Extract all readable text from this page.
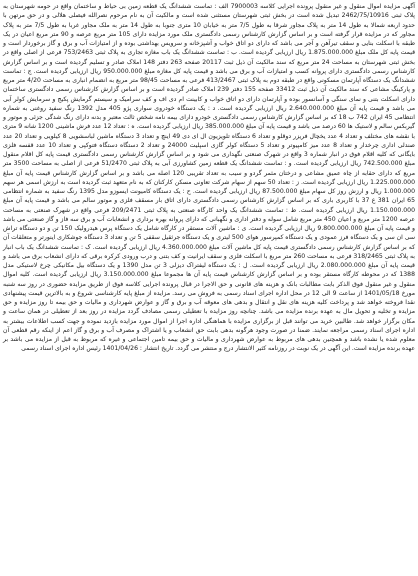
آگهی مزایده اموال منقول و غیر منقول پرونده اجرایی کلاسه 7900003 الف : تماست ششدانگ یک قطعه زمین بی حیاط و ساختمان واقع در حومه شهرستان به پلاک ثبتی 2462/75/10916 تبدیل شده است در بخش ثبتی شهرستان مستثنی شده است و مالکیت آن به نام مرحوم نصرالله فیصلی هلالی و در حق مرتهن با حدود اربعه شمالا به طول 14 متر به پلاک مجاور شرقا به طول 7/5 متر به خیابان 10 متری جنوبا به طول 14 متر به ملک مجاور غربا به طول 7/5 متر به پلاک مجاور که در مزایده قرار گرفته است و بر اساس گزارش کارشناس رسمی دادگستری ملک مورد مزایده دارای 105 متر مربع عرصه و 90 متر مربع اعیان در یک طبقه با اسکلت بنایی و سقف تیرآهن و آجر می باشد که دارای دو اتاق خواب و آشپزخانه و سرویس بهداشتی بوده و از امتیازات آب و برق و گاز برخوردار است و قیمت پایه کل ملک مبلغ 1.875.000.000 ریال ارزیابی گردیده است. ب : تماست ششدانگ یک باب مغازه تجاری به پلاک ثبتی 753/2463 فرعی از اصلی واقع در بخش ثبتی شهرستان به مساحت 24 متر مربع که سند مالکیت آن ذیل ثبت 20117 صفحه 263 دفتر 148 املاک صادر و تسلیم گردیده است و بر اساس گزارش کارشناس رسمی دادگستری دارای پروانه کسب و امتیازات آب و برق می باشد و قیمت پایه کل مغازه مبلغ 950.000.000 ریال ارزیابی گردیده است. ج : تماست ششدانگ یک دستگاه آپارتمان مسکونی واقع در طبقه دوم به پلاک ثبتی 413/2467 فرعی به مساحت 98/45 متر مربع به انضمام انباری به مساحت 4/20 متر مربع و پارکینگ مشاعی که سند مالکیت آن ذیل ثبت 33412 صفحه 155 دفتر 239 املاک صادر گردیده است و بر اساس گزارش کارشناس رسمی دادگستری ساختمان دارای اسکلت بتنی و نمای سنگی و آسانسور بوده و آپارتمان دارای دو اتاق خواب و کابینت ام دی اف و کف سرامیک و سیستم گرمایش پکیج و سرمایش کولر آبی می باشد و قیمت پایه آن مبلغ 2.640.000.000 ریال ارزیابی گردیده است. د : یک دستگاه خودروی سواری پژو 405 مدل 1392 رنگ سفید روغنی به شماره انتظامی 45 ایران 742 ب 18 که بر اساس گزارش کارشناس رسمی دادگستری خودرو دارای بیمه نامه شخص ثالث معتبر و بدنه دارای رنگ شدگی جزئی و موتور و گیربکس سالم و لاستیک ها 60 درصد می باشد و قیمت پایه آن مبلغ 385.000.000 ریال ارزیابی گردیده است. ه : تعداد 12 عدد فرش ماشینی 1200 شانه 9 متری با نقشه های مختلف و تعداد 4 عدد یخچال فریزر دوقلو و تعداد 6 دستگاه تلویزیون ال ای دی 49 اینچ و تعداد 3 دستگاه ماشین لباسشویی 8 کیلویی و تعداد 20 عدد صندلی اداری چرخدار و تعداد 8 عدد میز کامپیوتر و تعداد 5 دستگاه کولر گازی اسپلیت 24000 و تعداد 2 دستگاه دستگاه فتوکپی و تعداد 10 عدد قفسه فلزی بایگانی که کلیه اقلام فوق در انبار شماره 3 واقع در شهرک صنعتی نگهداری می شود و بر اساس گزارش کارشناس رسمی دادگستری قیمت پایه کل اقلام منقول مبلغ 742.500.000 ریال ارزیابی گردیده است. و : تماست ششدانگ یک قطعه زمین کشاورزی آبی به پلاک ثبتی 51/2470 فرعی از اصلی به مساحت 3500 متر مربع که دارای حقابه از چاه عمیق مشاعی و درختان مثمر گردو و سیب به تعداد تقریبی 120 اصله می باشد و بر اساس گزارش کارشناس قیمت پایه آن مبلغ 1.225.000.000 ریال ارزیابی گردیده است. ز : تعداد 50 سهم از سهام شرکت تعاونی مسکن کارکنان که به نام متعهد ثبت گردیده است به ارزش اسمی هر سهم 1.000.000 ریال و ارزش روز کل سهام مبلغ 87.500.000 ریال ارزیابی گردیده است. ح : یک دستگاه کامیونت ایسوزو مدل 1395 رنگ سفید به شماره انتظامی 65 ایران 381 ع 37 با کاربری باری که بر اساس گزارش کارشناس رسمی دادگستری دارای اتاق بار مسقف فلزی و موتور سالم می باشد و قیمت پایه آن مبلغ 1.150.000.000 ریال ارزیابی گردیده است. ط : تماست ششدانگ یک واحد کارگاه صنعتی به پلاک ثبتی 209/2471 فرعی واقع در شهرک صنعتی به مساحت عرصه 1200 متر مربع و اعیان 450 متر مربع شامل سوله و دفتر اداری و نگهبانی که دارای پروانه بهره برداری و انشعابات آب و برق سه فاز و گاز صنعتی می باشد و قیمت پایه آن مبلغ 9.800.000.000 ریال ارزیابی گردیده است. ی : ماشین آلات مستقر در کارگاه شامل یک دستگاه پرس هیدرولیک 150 تن و دو دستگاه تراش سی ان سی و یک دستگاه فرز عمودی و یک دستگاه کمپرسور هوای 500 لیتری و یک دستگاه جرثقیل سقفی 5 تن و تعداد 3 دستگاه جوشکاری اینورتر و متعلقات آن که بر اساس گزارش کارشناس رسمی دادگستری قیمت پایه کل ماشین آلات مبلغ 4.360.000.000 ریال ارزیابی گردیده است. ک : تماست ششدانگ یک باب انبار به پلاک ثبتی 318/2465 فرعی به مساحت 260 متر مربع با اسکلت فلزی و سقف ایرانیت و کف بتنی و درب ورودی کرکره برقی که دارای انشعاب برق می باشد و قیمت پایه آن مبلغ 2.080.000.000 ریال ارزیابی گردیده است. ل : یک دستگاه لیفتراک دیزلی 3 تن مدل 1390 و یک دستگاه بیل مکانیکی چرخ لاستیکی مدل 1388 که در محوطه کارگاه مستقر بوده و بر اساس گزارش کارشناس قیمت پایه آن ها مجموعا مبلغ 3.150.000.000 ریال ارزیابی گردیده است. کلیه اموال منقول و غیر منقول فوق الذکر بابت مطالبات بانک و هزینه های قانونی و حق الاجرا در قبال پرونده اجرایی کلاسه فوق از طریق مزایده حضوری در روز سه شنبه مورخ 1401/05/18 از ساعت 9 الی 12 در محل اداره اجرای اسناد رسمی به فروش می رسد. مزایده از مبلغ پایه کارشناسی شروع و به بالاترین قیمت پیشنهادی نقدا فروخته خواهد شد و پرداخت کلیه هزینه های نقل و انتقال و بدهی های معوقه آب و برق و گاز و عوارض شهرداری و مالیات و حق بیمه تا روز مزایده و حق مزایده و تخلیه و تحویل مال به عهده برنده مزایده می باشد. چنانچه روز مزایده با تعطیلی رسمی مصادف گردد مزایده در روز بعد از تعطیلی در همان ساعت و مکان برگزار خواهد شد. طالبین خرید می توانند قبل از برگزاری مزایده با هماهنگی اداره اجرا از اموال مورد مزایده بازدید نموده و جهت کسب اطلاعات بیشتر به اداره اجرای اسناد رسمی مراجعه نمایند. ضمنا در صورت وجود هرگونه بدهی بابت حق انشعاب و یا اشتراک و مصرف آب و برق و گاز اعم از اینکه رقم قطعی آن معلوم شده یا نشده باشد و همچنین بدهی های مربوط به عوارض شهرداری و مالیات و حق بیمه تامین اجتماعی و غیره که مربوط به قبل از مزایده می باشد بر عهده برنده مزایده است. این آگهی در یک نوبت در روزنامه کثیر الانتشار درج و منتشر می گردد. تاریخ انتشار : 1401/04/26 رئیس اداره اجرای اسناد رسمی
